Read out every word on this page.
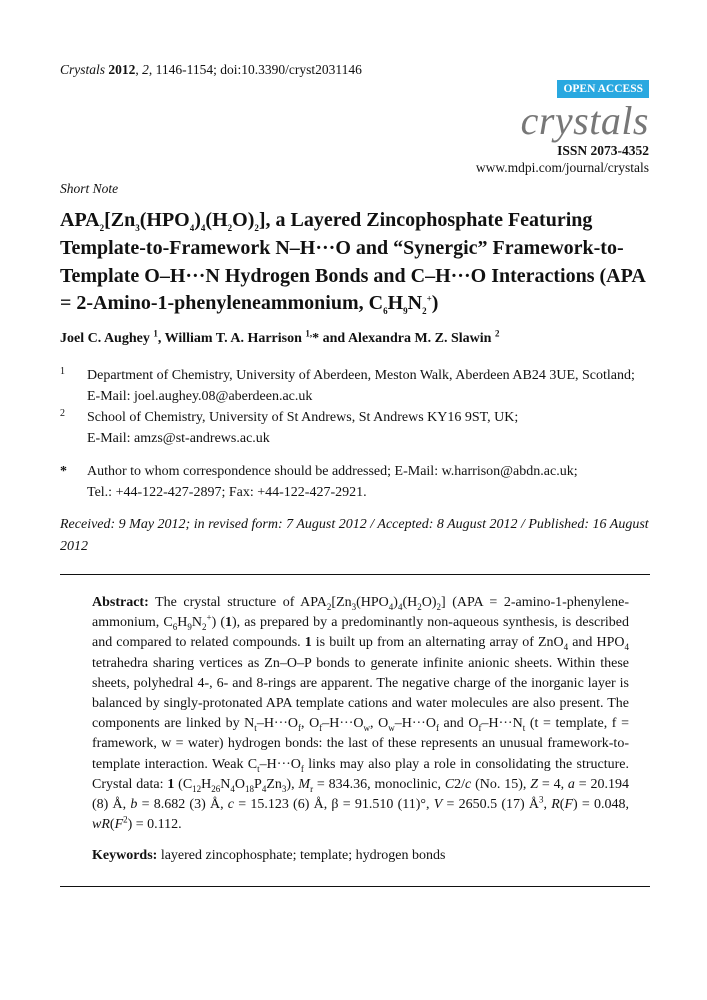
Crystals 2012, 2, 1146-1154; doi:10.3390/cryst2031146
OPEN ACCESS
crystals
ISSN 2073-4352
www.mdpi.com/journal/crystals
Short Note
$APA_2[Zn_3(HPO_4)_4(H_2O)_2]$, a Layered Zincophosphate Featuring Template-to-Framework N–H···O and “Synergic” Framework-to-Template O–H···N Hydrogen Bonds and C–H···O Interactions (APA = 2-Amino-1-phenyleneammonium, $C_6H_9N_2^+$)
Joel C. Aughey $^1$, William T. A. Harrison $^{1,}$* and Alexandra M. Z. Slawin $^2$
1 Department of Chemistry, University of Aberdeen, Meston Walk, Aberdeen AB24 3UE, Scotland;
E-Mail: joel.aughey.08@aberdeen.ac.uk
2 School of Chemistry, University of St Andrews, St Andrews KY16 9ST, UK;
E-Mail: amzs@st-andrews.ac.uk
* Author to whom correspondence should be addressed; E-Mail: w.harrison@abdn.ac.uk;
Tel.: +44-122-427-2897; Fax: +44-122-427-2921.
Received: 9 May 2012; in revised form: 7 August 2012 / Accepted: 8 August 2012 / Published: 16 August 2012
Abstract: The crystal structure of $APA_2[Zn_3(HPO_4)_4(H_2O)_2] (APA$ = 2-amino-1-phenylene-ammonium, $C_6H_9N_2^+$) (1), as prepared by a predominantly non-aqueous synthesis, is described and compared to related compounds. 1 is built up from an alternating array of ZnO$_4$ and $HPO_4$ tetrahedra sharing vertices as Zn–O–P bonds to generate infinite anionic sheets. Within these sheets, polyhedral 4-, 6- and 8-rings are apparent. The negative charge of the inorganic layer is balanced by singly-protonated APA template cations and water molecules are also present. The components are linked by $N_t-H\cdot\cdot\cdot O_f$, $O_f-H\cdot\cdot\cdot O_w$, $O_w-H\cdot\cdot\cdot O_f$ and $O_f-H\cdot\cdot\cdot N_t$ (t = template, f = framework, w = water) hydrogen bonds: the last of these represents an unusual framework-to-template interaction. Weak $C_t-H\cdot\cdot\cdot O_f$ links may also play a role in consolidating the structure. Crystal data: 1 $(C_{12}H_{26}N_4O_{18}P_4Zn_3)$, $M_r = 834.36$, monoclinic, C2/c (No. 15), Z = 4, a = 20.194 (8) Å, b = 8.682 (3) Å, c = 15.123 (6) Å, β = 91.510 (11)°, V = 2650.5 (17) $Å^3$, R(F) = 0.048, $wR(F^2) = 0.112$.
Keywords: layered zincophosphate; template; hydrogen bonds
